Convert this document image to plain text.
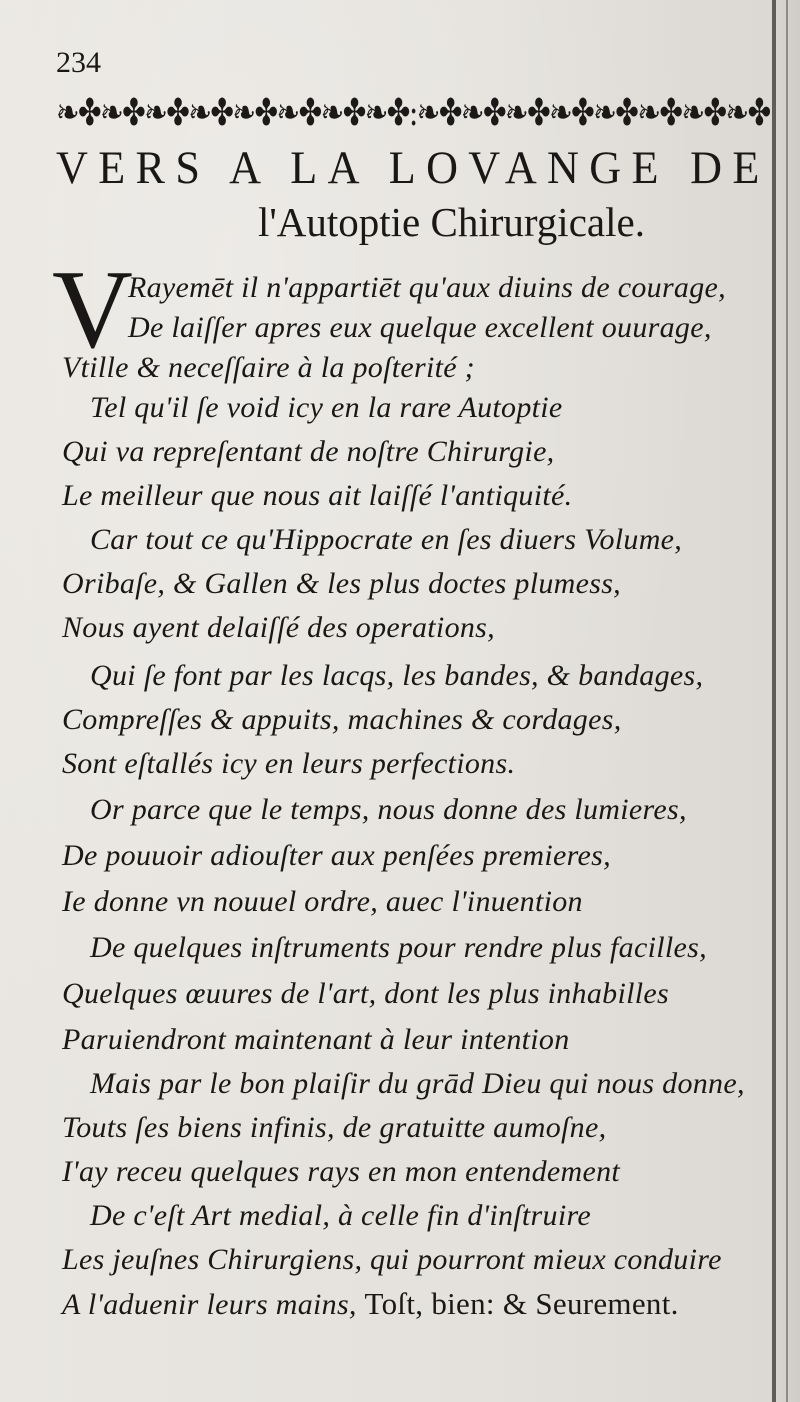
234
❧✤❧✤❧✤❧✤❧✤❧✤❧✤❧✤:❧✤❧✤❧✤❧✤❧✤❧✤❧✤❧✤
VERS A LA LOVANGE DE
l'Autoptie Chirurgicale.
V

Rayemēt il n'appartiēt qu'aux diuins de courage,

De laiſſer apres eux quelque excellent ouurage,

Vtille & neceſſaire à la poſterité ;

Tel qu'il ſe void icy en la rare Autoptie

Qui va repreſentant de noſtre Chirurgie,

Le meilleur que nous ait laiſſé l'antiquité.

Car tout ce qu'Hippocrate en ſes diuers Volume,

Oribaſe, & Gallen & les plus doctes plumess,

Nous ayent delaiſſé des operations,

Qui ſe font par les lacqs, les bandes, & bandages,

Compreſſes & appuits, machines & cordages,

Sont eſtallés icy en leurs perfections.

Or parce que le temps, nous donne des lumieres,

De pouuoir adiouſter aux penſées premieres,

Ie donne vn nouuel ordre, auec l'inuention

De quelques inſtruments pour rendre plus facilles,

Quelques œuures de l'art, dont les plus inhabilles

Paruiendront maintenant à leur intention

Mais par le bon plaiſir du grād Dieu qui nous donne,

Touts ſes biens infinis, de gratuitte aumoſne,

I'ay receu quelques rays en mon entendement

De c'eſt Art medial, à celle fin d'inſtruire

Les jeuſnes Chirurgiens, qui pourront mieux conduire

A l'aduenir leurs mains, Toſt, bien: & Seurement.
